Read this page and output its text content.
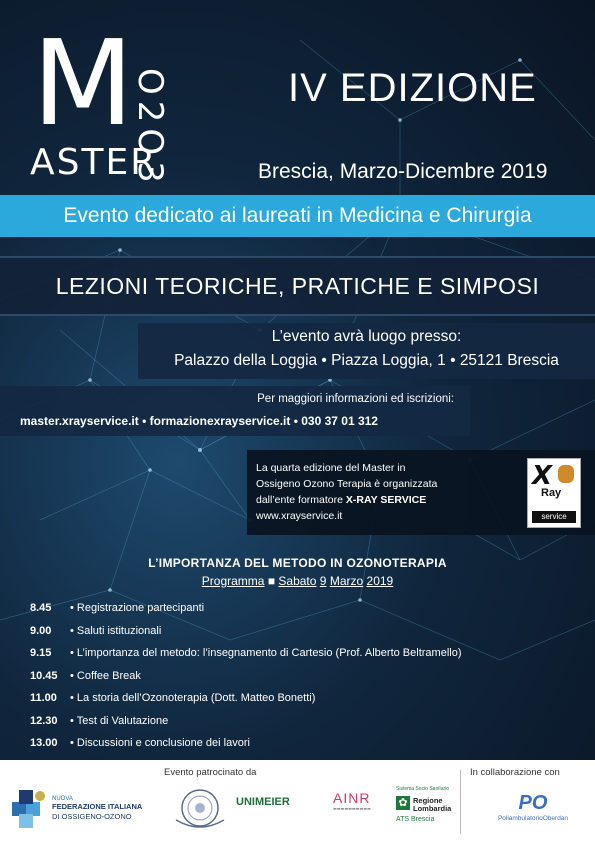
M
ASTER
O2O3	IV EDIZIONE
Brescia, Marzo-Dicembre 2019
Evento dedicato ai laureati in Medicina e Chirurgia
LEZIONI TEORICHE, PRATICHE E SIMPOSI
L’evento avrà luogo presso:
Palazzo della Loggia • Piazza Loggia, 1 • 25121 Brescia
Per maggiori informazioni ed iscrizioni:
master.xrayservice.it • formazionexrayservice.it • 030 37 01 312
La quarta edizione del Master in
Ossigeno Ozono Terapia è organizzata
dall’ente formatore X-RAY SERVICE
www.xrayservice.it
X
Ray
service
L’IMPORTANZA DEL METODO IN OZONOTERAPIA
Programma ■ Sabato 9 Marzo 2019
8.45	• Registrazione partecipanti
9.00	• Saluti istituzionali
9.15	• L’importanza del metodo: l’insegnamento di Cartesio (Prof. Alberto Beltramello)
10.45	• Coffee Break
11.00	• La storia dell’Ozonoterapia (Dott. Matteo Bonetti)
12.30	• Test di Valutazione
13.00	• Discussioni e conclusione dei lavori
Evento patrocinato da	In collaborazione con
NUOVA
FEDERAZIONE ITALIANA
DI OSSIGENO-OZONO
UNIMEIER	AINR
▬▬▬▬▬▬▬▬▬▬
Sistema Socio Sanitario
✿ Regione
Lombardia
ATS Brescia
PO
PoliambulatorioOberdan
